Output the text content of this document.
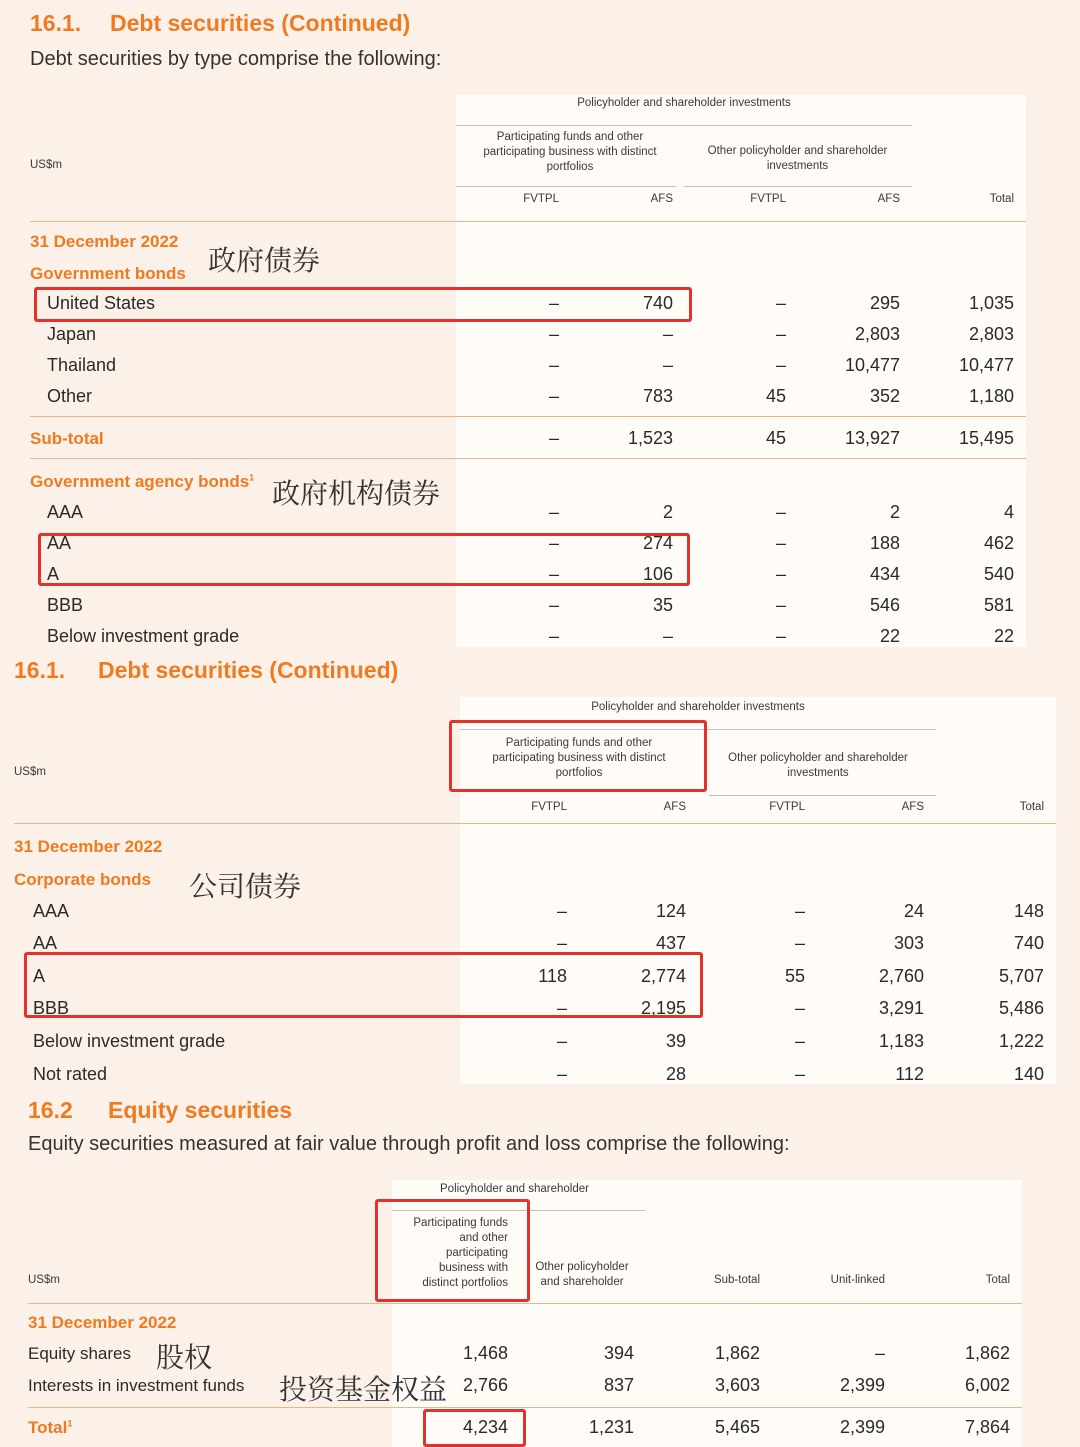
16.1. Debt securities (Continued)
Debt securities by type comprise the following:
Policyholder and shareholder investments
Participating funds and other participating business with distinct portfolios
Other policyholder and shareholder investments
US$m
FVTPL	AFS	FVTPL	AFS	Total
31 December 2022
Government bonds 政府债券
United States	–	740	–	295	1,035
Japan	–	–	–	2,803	2,803
Thailand	–	–	–	10,477	10,477
Other	–	783	45	352	1,180
Sub-total	–	1,523	45	13,927	15,495
Government agency bonds$^1$ 政府机构债券
AAA	–	2	–	2	4
AA	–	274	–	188	462
A	–	106	–	434	540
BBB	–	35	–	546	581
Below investment grade	–	–	–	22	22
16.1. Debt securities (Continued)
Policyholder and shareholder investments
Participating funds and other participating business with distinct portfolios
Other policyholder and shareholder investments
US$m
FVTPL	AFS	FVTPL	AFS	Total
31 December 2022
Corporate bonds 公司债券
AAA	–	124	–	24	148
AA	–	437	–	303	740
A	118	2,774	55	2,760	5,707
BBB	–	2,195	–	3,291	5,486
Below investment grade	–	39	–	1,183	1,222
Not rated	–	28	–	112	140
16.2 Equity securities
Equity securities measured at fair value through profit and loss comprise the following:
Policyholder and shareholder
Participating funds and other participating business with distinct portfolios
Other policyholder and shareholder	Sub-total	Unit-linked	Total
US$m
31 December 2022
Equity shares 股权	1,468	394	1,862	–	1,862
Interests in investment funds 投资基金权益 2,766	837	3,603	2,399	6,002
Total$^1$	4,234	1,231	5,465	2,399	7,864
